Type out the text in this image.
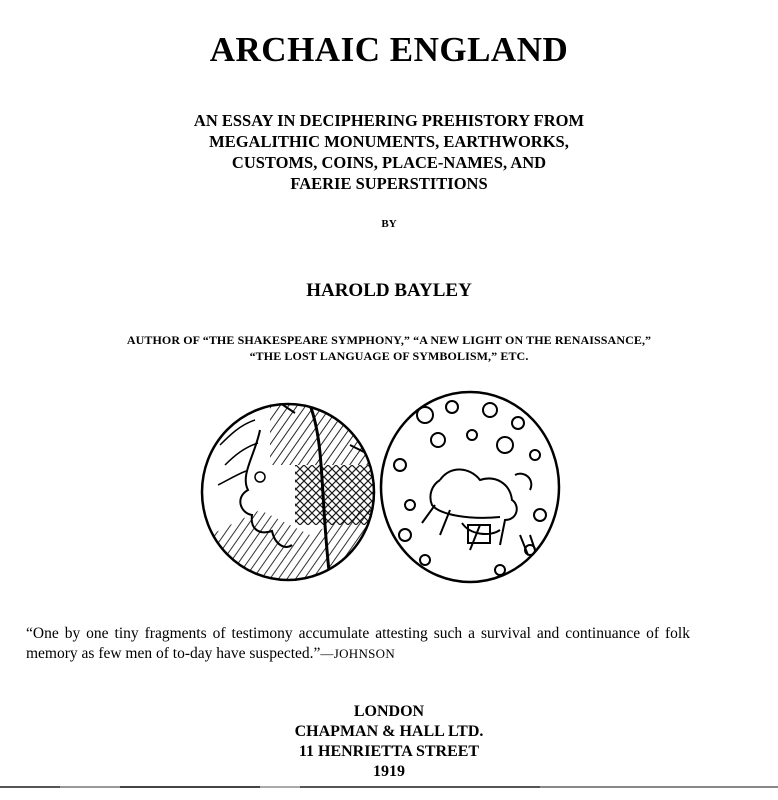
ARCHAIC ENGLAND
AN ESSAY IN DECIPHERING PREHISTORY FROM
MEGALITHIC MONUMENTS, EARTHWORKS,
CUSTOMS, COINS, PLACE-NAMES, AND
FAERIE SUPERSTITIONS
BY
HAROLD BAYLEY
AUTHOR OF “THE SHAKESPEARE SYMPHONY,” “A NEW LIGHT ON THE RENAISSANCE,”
“THE LOST LANGUAGE OF SYMBOLISM,” ETC.
“One by one tiny fragments of testimony accumulate attesting such a survival and continuance of folk memory as few men of to-day have suspected.”—JOHNSON
LONDON
CHAPMAN & HALL LTD.
11 HENRIETTA STREET
1919
